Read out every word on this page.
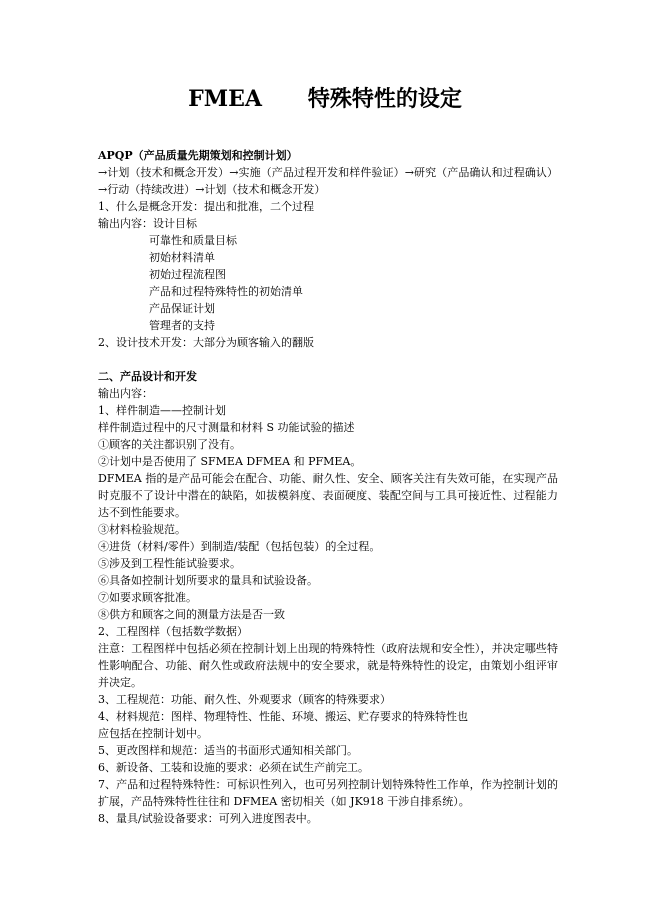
FMEA      特殊特性的设定
APQP（产品质量先期策划和控制计划）
→计划（技术和概念开发）→实施（产品过程开发和样件验证）→研究（产品确认和过程确认）→行动（持续改进）→计划（技术和概念开发）
1、什么是概念开发：提出和批准，二个过程
输出内容：设计目标
可靠性和质量目标
初始材料清单
初始过程流程图
产品和过程特殊特性的初始清单
产品保证计划
管理者的支持
2、设计技术开发：大部分为顾客输入的翻版
二、产品设计和开发
输出内容：
1、样件制造——控制计划
样件制造过程中的尺寸测量和材料 S 功能试验的描述
①顾客的关注都识别了没有。
②计划中是否使用了 SFMEA DFMEA 和 PFMEA。
DFMEA 指的是产品可能会在配合、功能、耐久性、安全、顾客关注有失效可能，在实现产品时克服不了设计中潜在的缺陷，如拔模斜度、表面硬度、装配空间与工具可接近性、过程能力达不到性能要求。
③材料检验规范。
④进货（材料/零件）到制造/装配（包括包装）的全过程。
⑤涉及到工程性能试验要求。
⑥具备如控制计划所要求的量具和试验设备。
⑦如要求顾客批准。
⑧供方和顾客之间的测量方法是否一致
2、工程图样（包括数学数据）
注意：工程图样中包括必须在控制计划上出现的特殊特性（政府法规和安全性），并决定哪些特性影响配合、功能、耐久性或政府法规中的安全要求，就是特殊特性的设定，由策划小组评审并决定。
3、工程规范：功能、耐久性、外观要求（顾客的特殊要求）
4、材料规范：图样、物理特性、性能、环境、搬运、贮存要求的特殊特性也
应包括在控制计划中。
5、更改图样和规范：适当的书面形式通知相关部门。
6、新设备、工装和设施的要求：必须在试生产前完工。
7、产品和过程特殊特性：可标识性列入，也可另列控制计划特殊特性工作单，作为控制计划的扩展，产品特殊特性往往和 DFMEA 密切相关（如 JK918 干涉自排系统）。
8、量具/试验设备要求：可列入进度图表中。
